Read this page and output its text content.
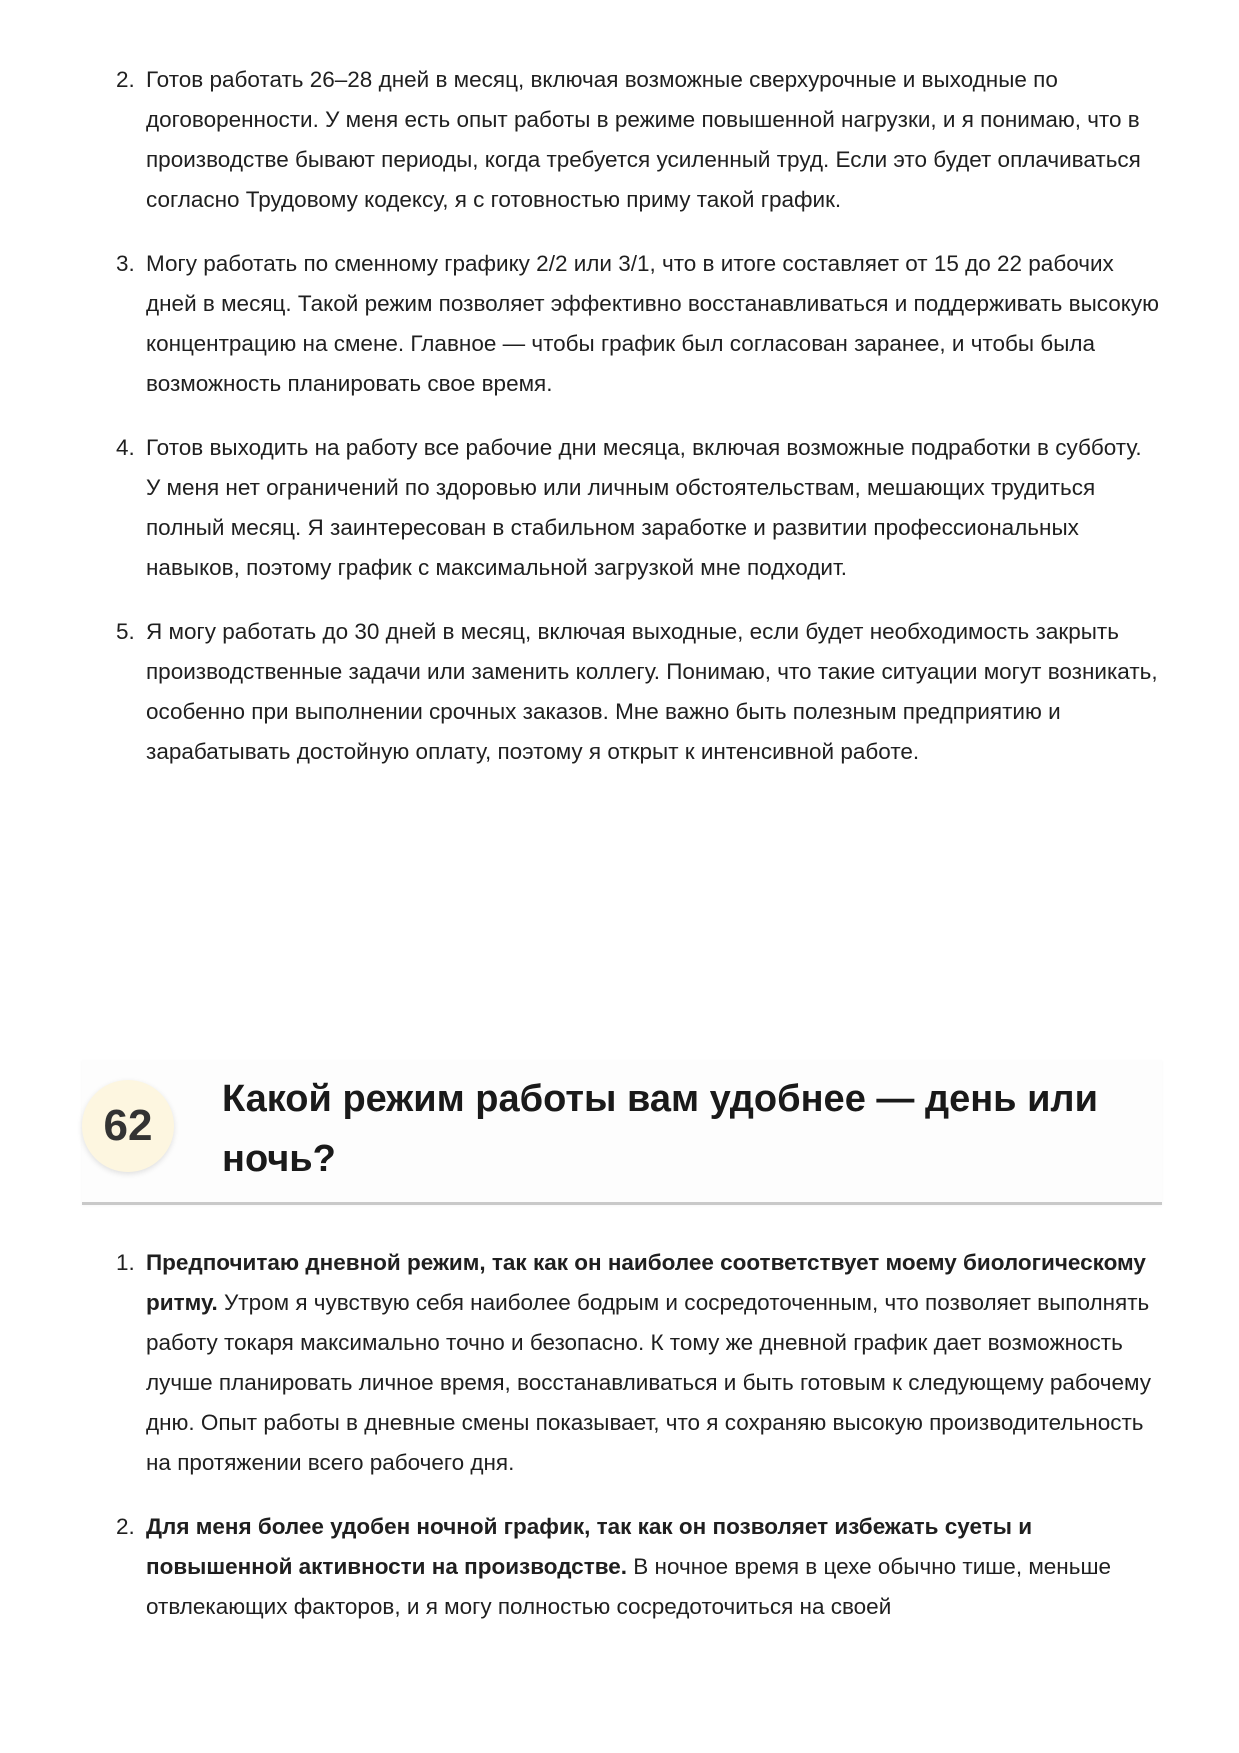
2. Готов работать 26–28 дней в месяц, включая возможные сверхурочные и выходные по договоренности. У меня есть опыт работы в режиме повышенной нагрузки, и я понимаю, что в производстве бывают периоды, когда требуется усиленный труд. Если это будет оплачиваться согласно Трудовому кодексу, я с готовностью приму такой график.
3. Могу работать по сменному графику 2/2 или 3/1, что в итоге составляет от 15 до 22 рабочих дней в месяц. Такой режим позволяет эффективно восстанавливаться и поддерживать высокую концентрацию на смене. Главное — чтобы график был согласован заранее, и чтобы была возможность планировать свое время.
4. Готов выходить на работу все рабочие дни месяца, включая возможные подработки в субботу. У меня нет ограничений по здоровью или личным обстоятельствам, мешающих трудиться полный месяц. Я заинтересован в стабильном заработке и развитии профессиональных навыков, поэтому график с максимальной загрузкой мне подходит.
5. Я могу работать до 30 дней в месяц, включая выходные, если будет необходимость закрыть производственные задачи или заменить коллегу. Понимаю, что такие ситуации могут возникать, особенно при выполнении срочных заказов. Мне важно быть полезным предприятию и зарабатывать достойную оплату, поэтому я открыт к интенсивной работе.
62
Какой режим работы вам удобнее — день или ночь?
1. Предпочитаю дневной режим, так как он наиболее соответствует моему биологическому ритму. Утром я чувствую себя наиболее бодрым и сосредоточенным, что позволяет выполнять работу токаря максимально точно и безопасно. К тому же дневной график дает возможность лучше планировать личное время, восстанавливаться и быть готовым к следующему рабочему дню. Опыт работы в дневные смены показывает, что я сохраняю высокую производительность на протяжении всего рабочего дня.
2. Для меня более удобен ночной график, так как он позволяет избежать суеты и повышенной активности на производстве. В ночное время в цехе обычно тише, меньше отвлекающих факторов, и я могу полностью сосредоточиться на своей
